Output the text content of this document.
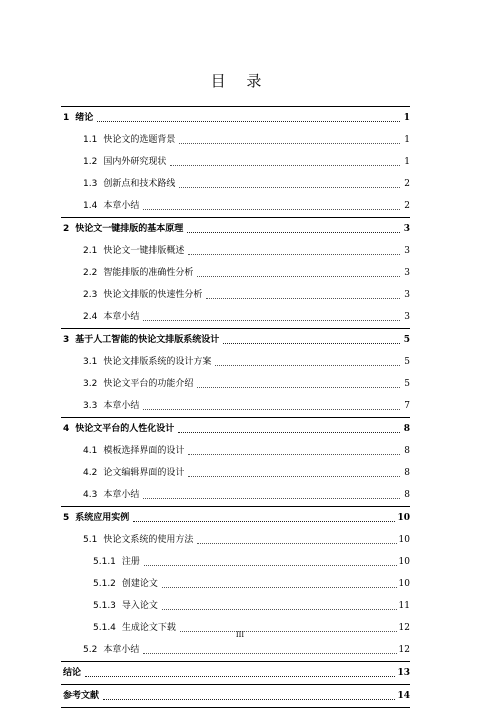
目 录
1 绪论	1
1.1 快论文的选题背景	1
1.2 国内外研究现状	1
1.3 创新点和技术路线	2
1.4 本章小结	2
2 快论文一键排版的基本原理	3
2.1 快论文一键排版概述	3
2.2 智能排版的准确性分析	3
2.3 快论文排版的快速性分析	3
2.4 本章小结	3
3 基于人工智能的快论文排版系统设计	5
3.1 快论文排版系统的设计方案	5
3.2 快论文平台的功能介绍	5
3.3 本章小结	7
4 快论文平台的人性化设计	8
4.1 模板选择界面的设计	8
4.2 论文编辑界面的设计	8
4.3 本章小结	8
5 系统应用实例	10
5.1 快论文系统的使用方法	10
5.1.1 注册	10
5.1.2 创建论文	10
5.1.3 导入论文	11
5.1.4 生成论文下载	12
5.2 本章小结	12
结论	13
参考文献	14
III
